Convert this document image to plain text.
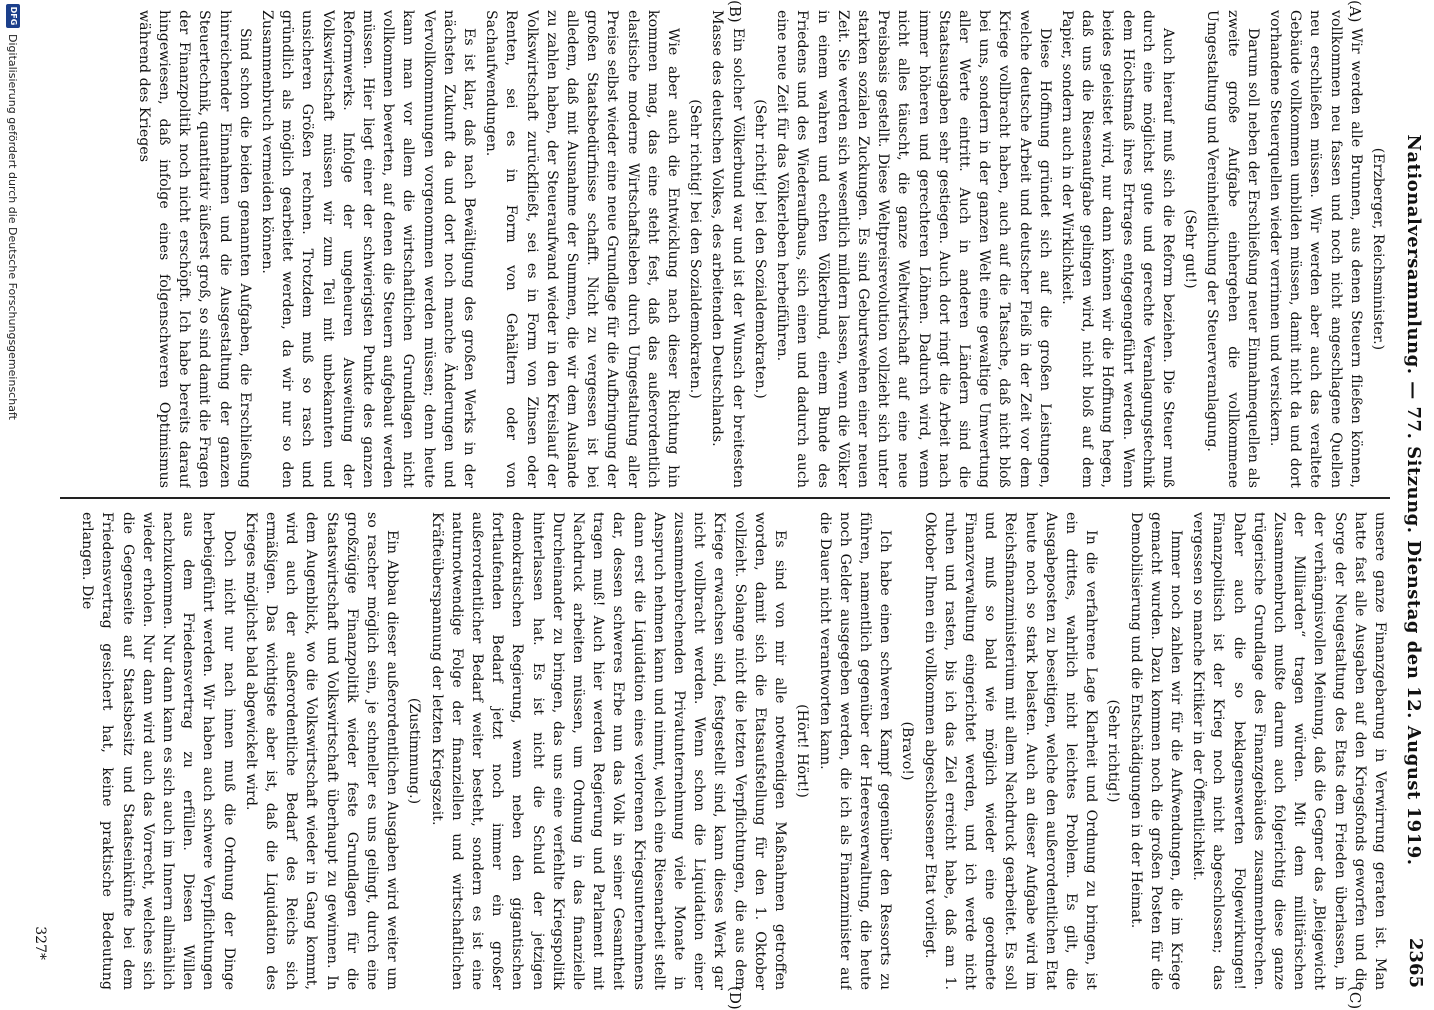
Nationalversammlung. — 77. Sitzung. Dienstag den 12. August 1919.
2365
(A)
(B)
(C)
(D)

(Erzberger, Reichsminister.)

Wir werden alle Brunnen, aus denen Steuern fließen können, vollkommen neu fassen und noch nicht angeschlagene Quellen neu erschließen müssen. Wir werden aber auch das veraltete Gebäude vollkommen umbilden müssen, damit nicht da und dort vorhandene Steuerquellen wieder verrinnen und versickern.

Darum soll neben der Erschließung neuer Einnahmequellen als zweite große Aufgabe einhergehen die vollkommene Umgestaltung und Vereinheitlichung der Steuerveranlagung.

(Sehr gut!)

Auch hierauf muß sich die Reform beziehen. Die Steuer muß durch eine möglichst gute und gerechte Veranlagungstechnik dem Höchstmaß ihres Ertrages entgegengeführt werden. Wenn beides geleistet wird, nur dann können wir die Hoffnung hegen, daß uns die Riesenaufgabe gelingen wird, nicht bloß auf dem Papier, sondern auch in der Wirklichkeit.

Diese Hoffnung gründet sich auf die großen Leistungen, welche deutsche Arbeit und deutscher Fleiß in der Zeit vor dem Kriege vollbracht haben, auch auf die Tatsache, daß nicht bloß bei uns, sondern in der ganzen Welt eine gewaltige Umwertung aller Werte eintritt. Auch in anderen Ländern sind die Staatsausgaben sehr gestiegen. Auch dort ringt die Arbeit nach immer höheren und gerechteren Löhnen. Dadurch wird, wenn nicht alles täuscht, die ganze Weltwirtschaft auf eine neue Preisbasis gestellt. Diese Weltpreisrevolution vollzieht sich unter starken sozialen Zuckungen. Es sind Geburtswehen einer neuen Zeit. Sie werden sich wesentlich mildern lassen, wenn die Völker in einem wahren und echten Völkerbund, einem Bunde des Friedens und des Wiederaufbaus, sich einen und dadurch auch eine neue Zeit für das Völkerleben herbeiführen.

(Sehr richtig! bei den Sozialdemokraten.)

Ein solcher Völkerbund war und ist der Wunsch der breitesten Masse des deutschen Volkes, des arbeitenden Deutschlands.

(Sehr richtig! bei den Sozialdemokraten.)

Wie aber auch die Entwicklung nach dieser Richtung hin kommen mag, das eine steht fest, daß das außerordentlich elastische moderne Wirtschaftsleben durch Umgestaltung aller Preise selbst wieder eine neue Grundlage für die Aufbringung der großen Staatsbedürfnisse schafft. Nicht zu vergessen ist bei alledem, daß mit Ausnahme der Summen, die wir dem Auslande zu zahlen haben, der Steueraufwand wieder in den Kreislauf der Volkswirtschaft zurückfließt, sei es in Form von Zinsen oder Renten, sei es in Form von Gehältern oder von Sachaufwendungen.

Es ist klar, daß nach Bewältigung des großen Werks in der nächsten Zukunft da und dort noch manche Änderungen und Vervollkommnungen vorgenommen werden müssen; denn heute kann man vor allem die wirtschaftlichen Grundlagen nicht vollkommen bewerten, auf denen die Steuern aufgebaut werden müssen. Hier liegt einer der schwierigsten Punkte des ganzen Reformwerks. Infolge der ungeheuren Ausweitung der Volkswirtschaft müssen wir zum Teil mit unbekannten und unsicheren Größen rechnen. Trotzdem muß so rasch und gründlich als möglich gearbeitet werden, da wir nur so den Zusammenbruch vermeiden können.

Sind schon die beiden genannten Aufgaben, die Erschließung hinreichender Einnahmen und die Ausgestaltung der ganzen Steuertechnik, quantitativ äußerst groß, so sind damit die Fragen der Finanzpolitik noch nicht erschöpft. Ich habe bereits darauf hingewiesen, daß infolge eines folgenschweren Optimismus während des Krieges

unsere ganze Finanzgebarung in Verwirrung geraten ist. Man hatte fast alle Ausgaben auf den Kriegsfonds geworfen und die Sorge der Neugestaltung des Etats dem Frieden überlassen, in der verhängnisvollen Meinung, daß die Gegner das „Bleigewicht der Milliarden“ tragen würden. Mit dem militärischen Zusammenbruch mußte darum auch folgerichtig diese ganze trügerische Grundlage des Finanzgebäudes zusammenbrechen. Daher auch die so beklagenswerten Folgewirkungen! Finanzpolitisch ist der Krieg noch nicht abgeschlossen; das vergessen so manche Kritiker in der Öffentlichkeit.

Immer noch zahlen wir für die Aufwendungen, die im Kriege gemacht wurden. Dazu kommen noch die großen Posten für die Demobilisierung und die Entschädigungen in der Heimat.

(Sehr richtig!)

In die verfahrene Lage Klarheit und Ordnung zu bringen, ist ein drittes, wahrlich nicht leichtes Problem. Es gilt, die Ausgabeposten zu beseitigen, welche den außerordentlichen Etat heute noch so stark belasten. Auch an dieser Aufgabe wird im Reichsfinanzministerium mit allem Nachdruck gearbeitet. Es soll und muß so bald wie möglich wieder eine geordnete Finanzverwaltung eingerichtet werden, und ich werde nicht ruhen und rasten, bis ich das Ziel erreicht habe, daß am 1. Oktober Ihnen ein vollkommen abgeschlossener Etat vorliegt.

(Bravo!)

Ich habe einen schweren Kampf gegenüber den Ressorts zu führen, namentlich gegenüber der Heeresverwaltung, die heute noch Gelder ausgegeben werden, die ich als Finanzminister auf die Dauer nicht verantworten kann.

(Hört! Hört!)

Es sind von mir alle notwendigen Maßnahmen getroffen worden, damit sich die Etatsaufstellung für den 1. Oktober vollzieht. Solange nicht die letzten Verpflichtungen, die aus dem Kriege erwachsen sind, festgestellt sind, kann dieses Werk gar nicht vollbracht werden. Wenn schon die Liquidation einer zusammenbrechenden Privatunternehmung viele Monate in Anspruch nehmen kann und nimmt, welch eine Riesenarbeit stellt dann erst die Liquidation eines verlorenen Kriegsunternehmens dar, dessen schweres Erbe nun das Volk in seiner Gesamtheit tragen muß! Auch hier werden Regierung und Parlament mit Nachdruck arbeiten müssen, um Ordnung in das finanzielle Durcheinander zu bringen, das uns eine verfehlte Kriegspolitik hinterlassen hat. Es ist nicht die Schuld der jetzigen demokratischen Regierung, wenn neben den gigantischen fortlaufenden Bedarf jetzt noch immer ein großer außerordentlicher Bedarf weiter besteht, sondern es ist eine naturnotwendige Folge der finanziellen und wirtschaftlichen Kräfteüberspannung der letzten Kriegszeit.

(Zustimmung.)

Ein Abbau dieser außerordentlichen Ausgaben wird weiter um so rascher möglich sein, je schneller es uns gelingt, durch eine großzügige Finanzpolitik wieder feste Grundlagen für die Staatswirtschaft und Volkswirtschaft überhaupt zu gewinnen. In dem Augenblick, wo die Volkswirtschaft wieder in Gang kommt, wird auch der außerordentliche Bedarf des Reichs sich ermäßigen. Das wichtigste aber ist, daß die Liquidation des Krieges möglichst bald abgewickelt wird.

Doch nicht nur nach innen muß die Ordnung der Dinge herbeigeführt werden. Wir haben auch schwere Verpflichtungen aus dem Friedensvertrag zu erfüllen. Diesen Willen nachzukommen. Nur dann kann es sich auch im Innern allmählich wieder erholen. Nur dann wird auch das Vorrecht, welches sich die Gegenseite auf Staatsbesitz und Staatseinkünfte bei dem Friedensvertrag gesichert hat, keine praktische Bedeutung erlangen. Die

327*
DFG
Digitalisierung gefördert durch die Deutsche Forschungsgemeinschaft
